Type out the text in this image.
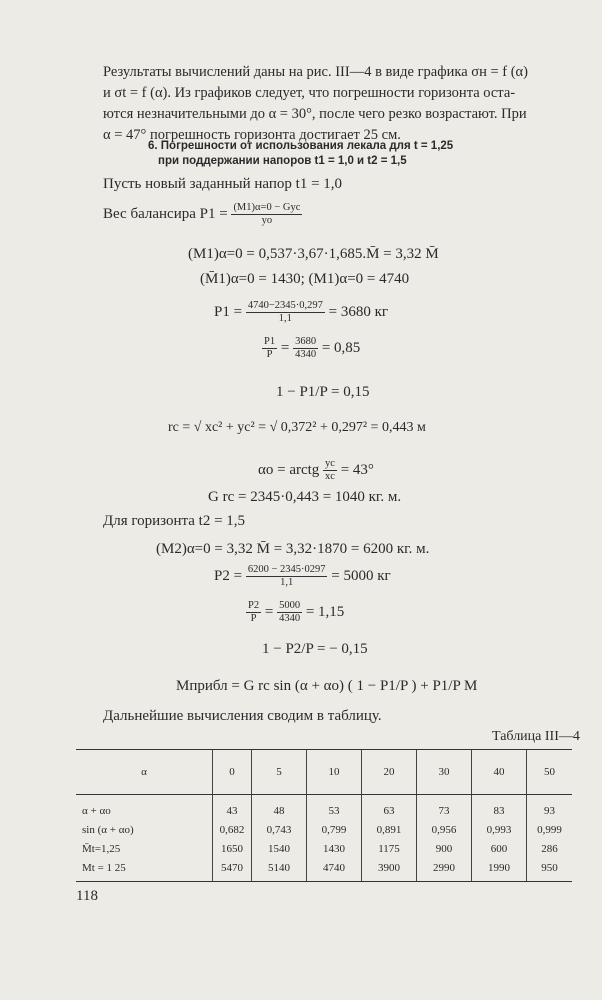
Результаты вычислений даны на рис. III—4 в виде графика σн = f (α)
и σt = f (α). Из графиков следует, что погрешности горизонта оста-
ются незначительными до α = 30°, после чего резко возрастают. При
α = 47° погрешность горизонта достигает 25 см.
6. Погрешности от использования лекала для t = 1,25
при поддержании напоров t1 = 1,0 и t2 = 1,5
Пусть новый заданный напор t1 = 1,0
Вес балансира $P1 = \frac{\text{(M1)α=0 − Gyc}}{yo}$
(M1)α=0 = 0,537·3,67·1,685.M̄ = 3,32 M̄
(M̄1)α=0 = 1430; (M1)α=0 = 4740
$P1 = \frac{4740-2345\cdot 0,297}{1,1} = 3680$ кг
$\frac{P1}{P} = \frac{3680}{4340} = 0,85$
1 − P1/P = 0,15
rc = √ xc² + yc² = √ 0,372² + 0,297² = 0,443 м
αo = arctg $\frac{yc}{xc} = 43^\circ$
G rc = 2345·0,443 = 1040 кг. м.
Для горизонта t2 = 1,5
(M2)α=0 = 3,32 M̄ = 3,32·1870 = 6200 кг. м.
$P2 = \frac{6200 - 2345\cdot 0297}{1,1} = 5000$ кг
$\frac{P2}{P} = \frac{5000}{4340} = 1,15$
1 − P2/P = − 0,15
Mприбл = G rc sin (α + αo) ( 1 − P1/P ) + P1/P M
Дальнейшие вычисления сводим в таблицу.
Таблица III—4
α	0	5	10	20	30	40	50
α + αo	43	48	53	63	73	83	93
sin (α + αo)	0,682	0,743	0,799	0,891	0,956	0,993	0,999
M̄t=1,25	1650	1540	1430	1175	900	600	286
Mt = 1 25	5470	5140	4740	3900	2990	1990	950
118
